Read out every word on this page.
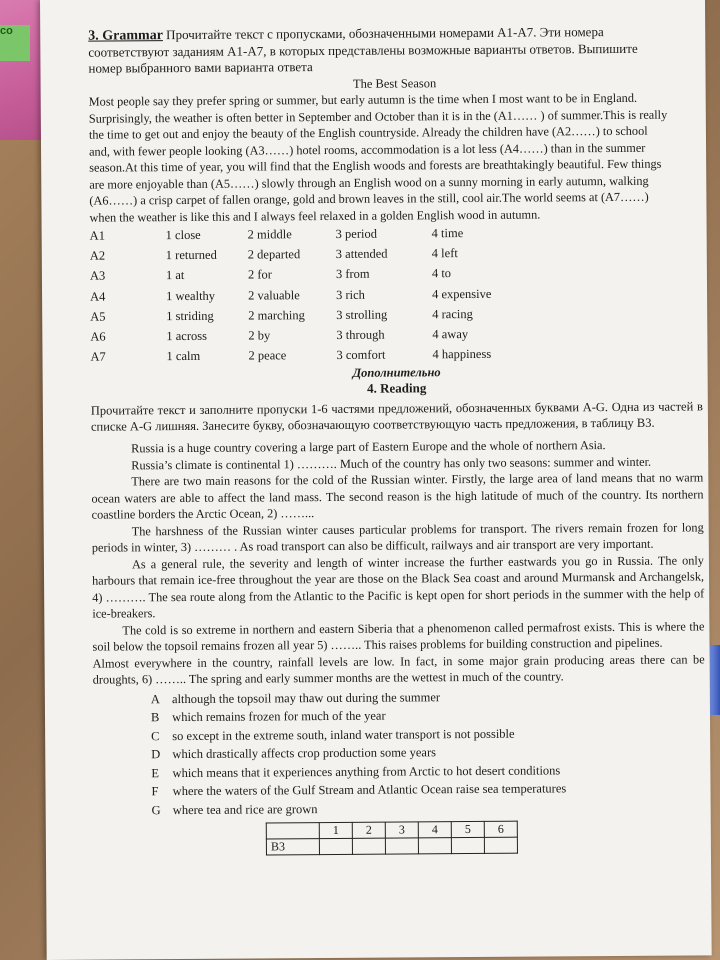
co	3. Grammar Прочитайте текст с пропусками, обозначенными номерами А1-А7. Эти номера

соответствуют заданиям А1-А7, в которых представлены возможные варианты ответов. Выпишите

номер выбранного вами варианта ответа

The Best Season

Most people say they prefer spring or summer, but early autumn is the time when I most want to be in England.

Surprisingly, the weather is often better in September and October than it is in the (A1…… ) of summer.This is really

the time to get out and enjoy the beauty of the English countryside. Already the children have (A2……) to school

and, with fewer people looking (A3……) hotel rooms, accommodation is a lot less (A4……) than in the summer

season.At this time of year, you will find that the English woods and forests are breathtakingly beautiful. Few things

are more enjoyable than (A5……) slowly through an English wood on a sunny morning in early autumn, walking

(A6……) a crisp carpet of fallen orange, gold and brown leaves in the still, cool air.The world seems at (A7……)

when the weather is like this and I always feel relaxed in a golden English wood in autumn.

A1	1 close	2 middle	3 period	4 time
A2	1 returned	2 departed	3 attended	4 left
A3	1 at	2 for	3 from	4 to
A4	1 wealthy	2 valuable	3 rich	4 expensive
A5	1 striding	2 marching	3 strolling	4 racing
A6	1 across	2 by	3 through	4 away
A7	1 calm	2 peace	3 comfort	4 happiness

Дополнительно

4. Reading

Прочитайте текст и заполните пропуски 1-6 частями предложений, обозначенных буквами А-G. Одна из частей в списке А-G лишняя. Занесите букву, обозначающую соответствующую часть предложения, в таблицу B3.

Russia is a huge country covering a large part of Eastern Europe and the whole of northern Asia.

Russia’s climate is continental 1) ………. Much of the country has only two seasons: summer and winter.

There are two main reasons for the cold of the Russian winter. Firstly, the large area of land means that no warm ocean waters are able to affect the land mass. The second reason is the high latitude of much of the country. Its northern coastline borders the Arctic Ocean, 2) ……...

The harshness of the Russian winter causes particular problems for transport. The rivers remain frozen for long periods in winter, 3) ……… . As road transport can also be difficult, railways and air transport are very important.

As a general rule, the severity and length of winter increase the further eastwards you go in Russia. The only harbours that remain ice-free throughout the year are those on the Black Sea coast and around Murmansk and Archangelsk, 4) ………. The sea route along from the Atlantic to the Pacific is kept open for short periods in the summer with the help of ice-breakers.

The cold is so extreme in northern and eastern Siberia that a phenomenon called permafrost exists. This is where the soil below the topsoil remains frozen all year 5) …….. This raises problems for building construction and pipelines.

Almost everywhere in the country, rainfall levels are low. In fact, in some major grain producing areas there can be droughts, 6) …….. The spring and early summer months are the wettest in much of the country.

A although the topsoil may thaw out during the summer
B which remains frozen for much of the year
C so except in the extreme south, inland water transport is not possible
D which drastically affects crop production some years
E which means that it experiences anything from Arctic to hot desert conditions
F where the waters of the Gulf Stream and Atlantic Ocean raise sea temperatures
G where tea and rice are grown
	1	2	3	4	5	6
B3						
